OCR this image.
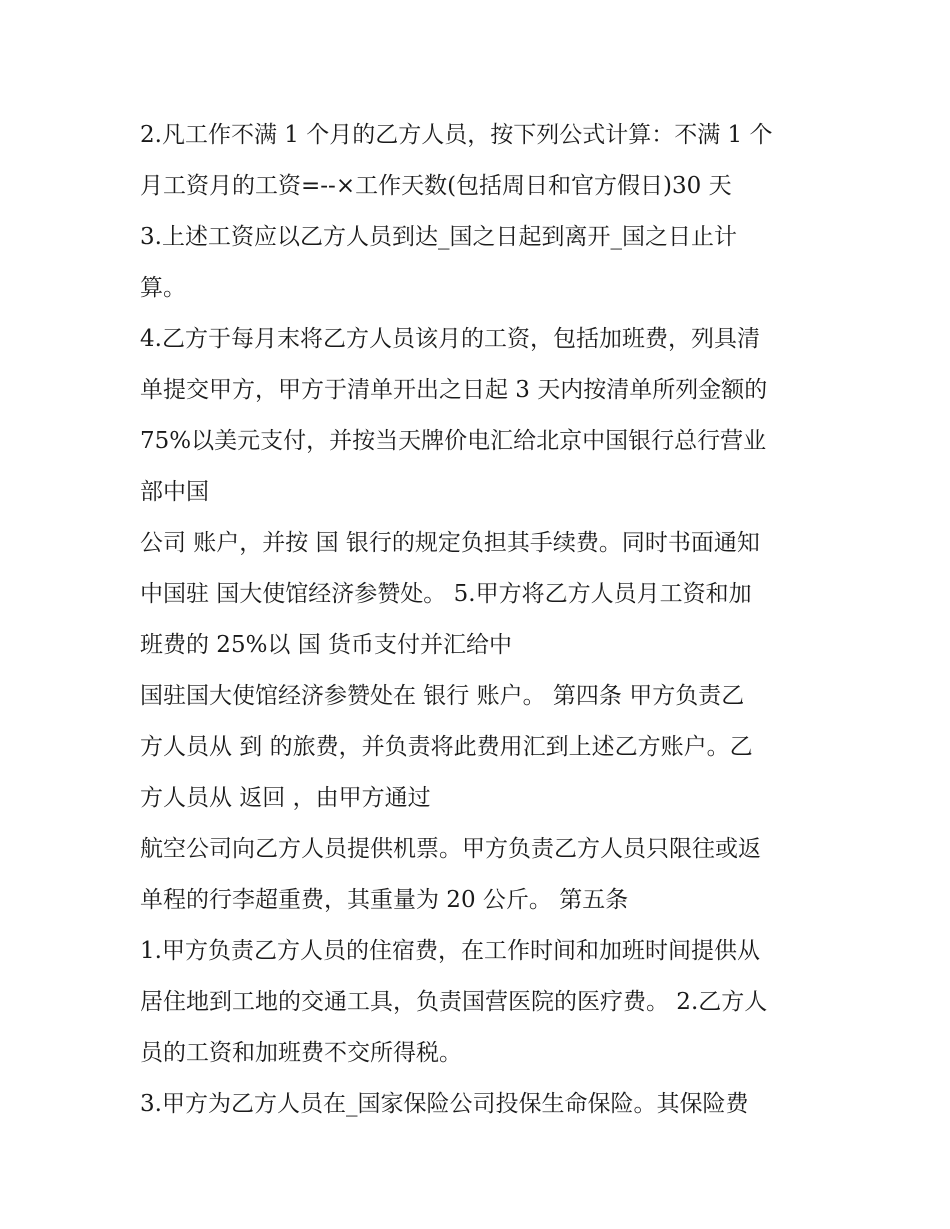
2.凡工作不满 1 个月的乙方人员，按下列公式计算：不满 1 个
月工资月的工资=--×工作天数(包括周日和官方假日)30 天
3.上述工资应以乙方人员到达_国之日起到离开_国之日止计
算。
4.乙方于每月末将乙方人员该月的工资，包括加班费，列具清
单提交甲方，甲方于清单开出之日起 3 天内按清单所列金额的
75%以美元支付，并按当天牌价电汇给北京中国银行总行营业
部中国
公司 账户，并按 国 银行的规定负担其手续费。同时书面通知
中国驻 国大使馆经济参赞处。 5.甲方将乙方人员月工资和加
班费的 25%以 国 货币支付并汇给中
国驻国大使馆经济参赞处在 银行 账户。 第四条 甲方负责乙
方人员从 到 的旅费，并负责将此费用汇到上述乙方账户。乙
方人员从 返回 ，由甲方通过
航空公司向乙方人员提供机票。甲方负责乙方人员只限往或返
单程的行李超重费，其重量为 20 公斤。 第五条
1.甲方负责乙方人员的住宿费，在工作时间和加班时间提供从
居住地到工地的交通工具，负责国营医院的医疗费。 2.乙方人
员的工资和加班费不交所得税。
3.甲方为乙方人员在_国家保险公司投保生命保险。其保险费
